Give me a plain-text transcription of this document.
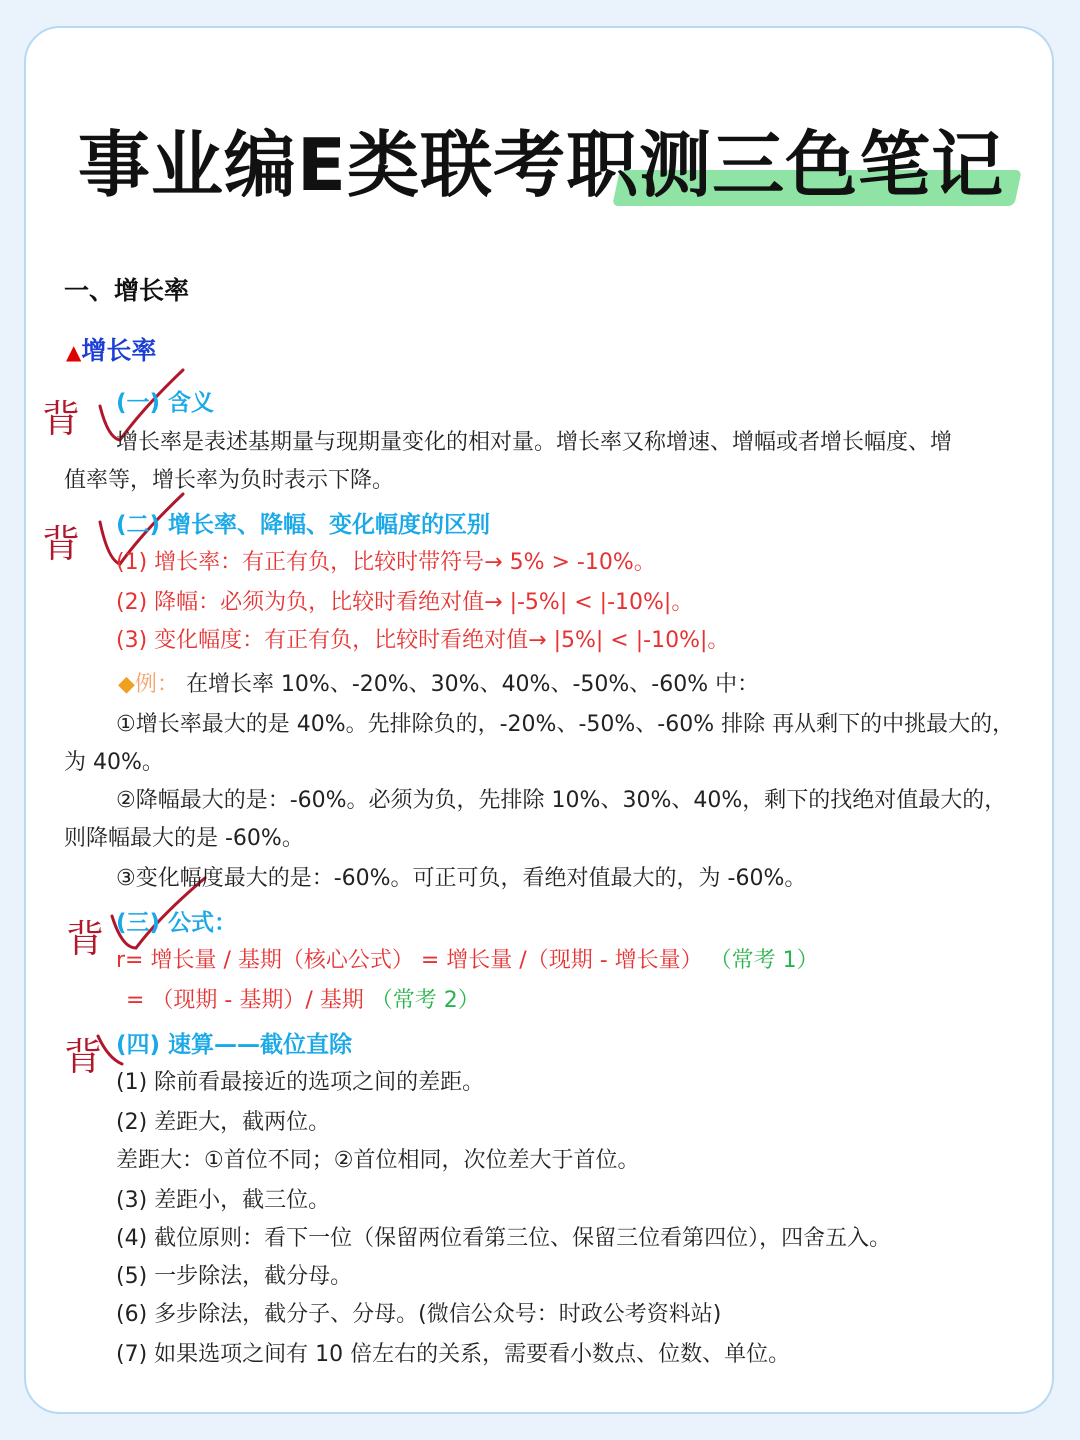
事业编E类联考职测三色笔记
一、增长率
▲增长率
背
背
背
背
(一) 含义
增长率是表述基期量与现期量变化的相对量。增长率又称增速、增幅或者增长幅度、增
值率等，增长率为负时表示下降。
(二) 增长率、降幅、变化幅度的区别
(1) 增长率：有正有负，比较时带符号→ 5% > -10%。
(2) 降幅：必须为负，比较时看绝对值→ |-5%| < |-10%|。
(3) 变化幅度：有正有负，比较时看绝对值→ |5%| < |-10%|。
◆例： 在增长率 10%、-20%、30%、40%、-50%、-60% 中：
①增长率最大的是 40%。先排除负的，-20%、-50%、-60% 排除 再从剩下的中挑最大的，
为 40%。
②降幅最大的是：-60%。必须为负，先排除 10%、30%、40%，剩下的找绝对值最大的，
则降幅最大的是 -60%。
③变化幅度最大的是：-60%。可正可负，看绝对值最大的，为 -60%。
(三) 公式：
r= 增长量 / 基期（核心公式） = 增长量 /（现期 - 增长量） （常考 1）
= （现期 - 基期）/ 基期 （常考 2）
(四) 速算——截位直除
(1) 除前看最接近的选项之间的差距。
(2) 差距大，截两位。
差距大：①首位不同；②首位相同，次位差大于首位。
(3) 差距小，截三位。
(4) 截位原则：看下一位（保留两位看第三位、保留三位看第四位），四舍五入。
(5) 一步除法，截分母。
(6) 多步除法，截分子、分母。(微信公众号：时政公考资料站)
(7) 如果选项之间有 10 倍左右的关系，需要看小数点、位数、单位。
